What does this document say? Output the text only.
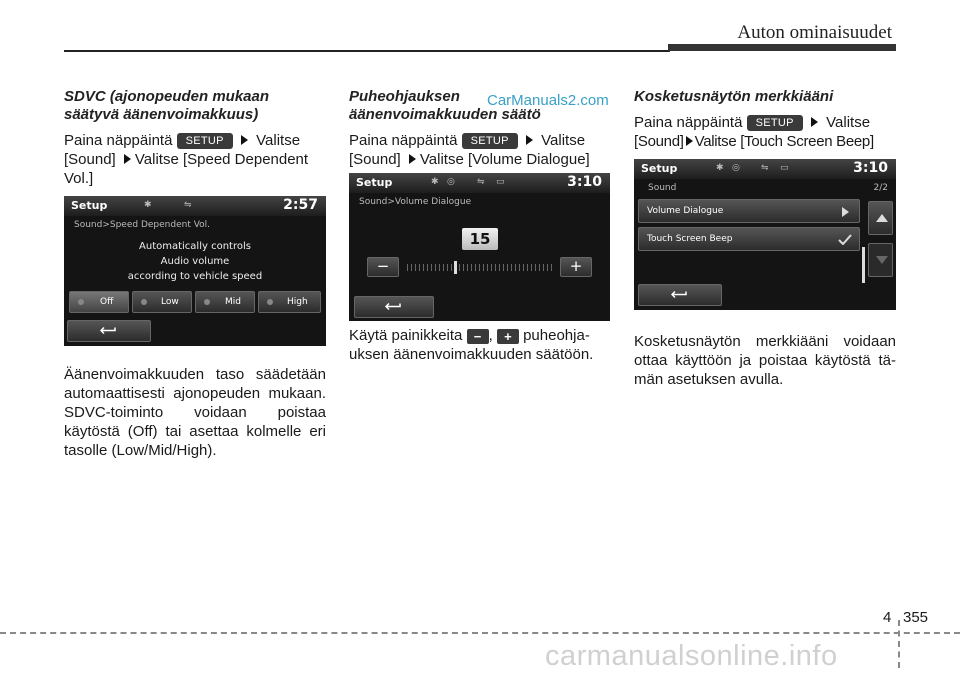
Auton ominaisuudet
CarManuals2.com
SDVC (ajonopeuden mukaan säätyvä äänenvoimakkuus)
Paina näppäintä SETUP Valitse
[Sound] Valitse [Speed Dependent Vol.]
Äänenvoimakkuuden taso säädetään automaattisesti ajonopeuden mukaan. SDVC-toiminto voidaan poistaa käytöstä (Off) tai asettaa kolmelle eri tasolle (Low/Mid/High).
Setup	✱	⇋	2:57
Sound>Speed Dependent Vol.
Automatically controls
Audio volume
according to vehicle speed
Off	Low	Mid	High
Puheohjauksen
äänenvoimakkuuden säätö
Paina näppäintä SETUP Valitse
[Sound] Valitse [Volume Dialogue]
Käytä painikkeita − , + puheohjauksen äänenvoimakkuuden säätöön.
Setup	✱ ◎ ⇋ ▭	3:10
Sound>Volume Dialogue
15
−	+
Kosketusnäytön merkkiääni
Paina näppäintä SETUP Valitse
[Sound] Valitse [Touch Screen Beep]
Kosketusnäytön merkkiääni voidaan ottaa käyttöön ja poistaa käytöstä tämän asetuksen avulla.
Setup	✱ ◎ ⇋ ▭	3:10
Sound	2/2
Volume Dialogue
Touch Screen Beep
4 355
carmanualsonline.info
